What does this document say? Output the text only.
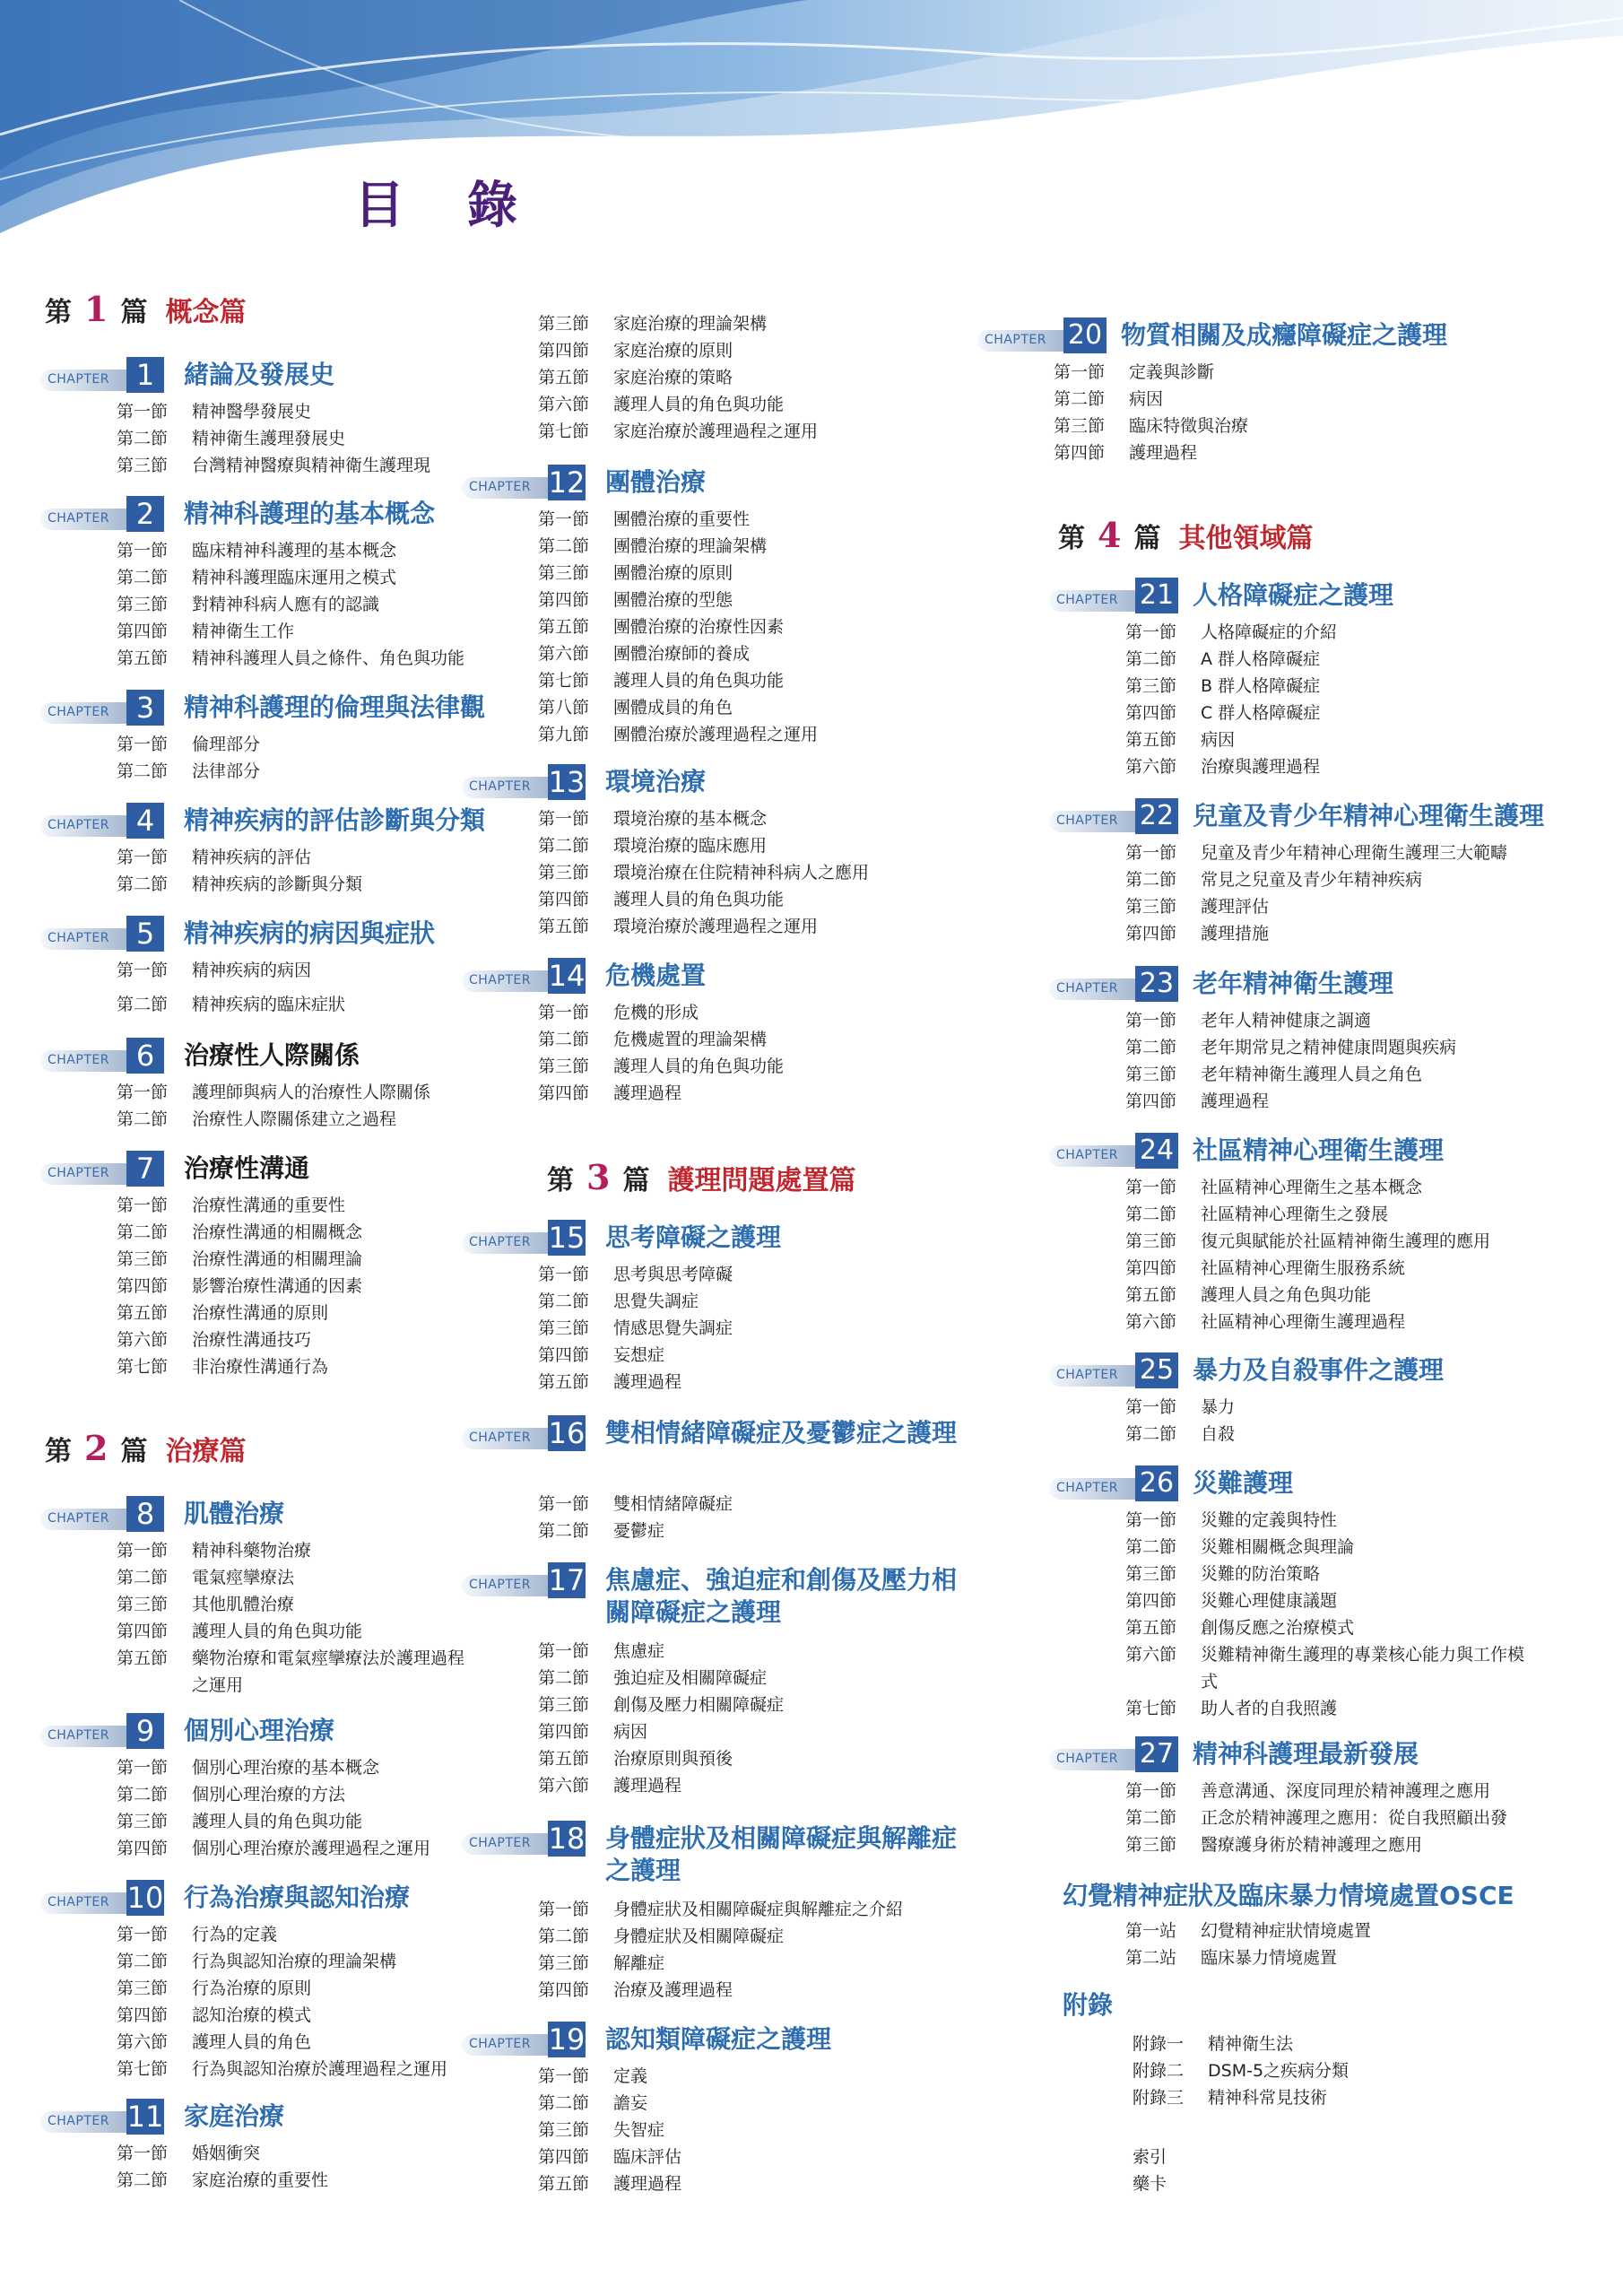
目錄
第 1 篇 概念篇
CHAPTER 1	緒論及發展史
第一節 精神醫學發展史
第二節 精神衛生護理發展史
第三節 台灣精神醫療與精神衛生護理現
CHAPTER 2	精神科護理的基本概念
第一節 臨床精神科護理的基本概念
第二節 精神科護理臨床運用之模式
第三節 對精神科病人應有的認識
第四節 精神衛生工作
第五節 精神科護理人員之條件、角色與功能
CHAPTER 3	精神科護理的倫理與法律觀
第一節 倫理部分
第二節 法律部分
CHAPTER 4	精神疾病的評估診斷與分類
第一節 精神疾病的評估
第二節 精神疾病的診斷與分類
CHAPTER 5	精神疾病的病因與症狀
第一節 精神疾病的病因
第二節 精神疾病的臨床症狀
CHAPTER 6	治療性人際關係
第一節 護理師與病人的治療性人際關係
第二節 治療性人際關係建立之過程
CHAPTER 7	治療性溝通
第一節 治療性溝通的重要性
第二節 治療性溝通的相關概念
第三節 治療性溝通的相關理論
第四節 影響治療性溝通的因素
第五節 治療性溝通的原則
第六節 治療性溝通技巧
第七節 非治療性溝通行為
第 2 篇 治療篇
CHAPTER 8	肌體治療
第一節 精神科藥物治療
第二節 電氣痙攣療法
第三節 其他肌體治療
第四節 護理人員的角色與功能
第五節 藥物治療和電氣痙攣療法於護理過程
之運用
CHAPTER 9	個別心理治療
第一節 個別心理治療的基本概念
第二節 個別心理治療的方法
第三節 護理人員的角色與功能
第四節 個別心理治療於護理過程之運用
CHAPTER 10 行為治療與認知治療
第一節 行為的定義
第二節 行為與認知治療的理論架構
第三節 行為治療的原則
第四節 認知治療的模式
第六節 護理人員的角色
第七節 行為與認知治療於護理過程之運用
CHAPTER 11 家庭治療
第一節 婚姻衝突
第二節 家庭治療的重要性
第三節 家庭治療的理論架構
第四節 家庭治療的原則
第五節 家庭治療的策略
第六節 護理人員的角色與功能
第七節 家庭治療於護理過程之運用
CHAPTER 12 團體治療
第一節 團體治療的重要性
第二節 團體治療的理論架構
第三節 團體治療的原則
第四節 團體治療的型態
第五節 團體治療的治療性因素
第六節 團體治療師的養成
第七節 護理人員的角色與功能
第八節 團體成員的角色
第九節 團體治療於護理過程之運用
CHAPTER 13 環境治療
第一節 環境治療的基本概念
第二節 環境治療的臨床應用
第三節 環境治療在住院精神科病人之應用
第四節 護理人員的角色與功能
第五節 環境治療於護理過程之運用
CHAPTER 14 危機處置
第一節 危機的形成
第二節 危機處置的理論架構
第三節 護理人員的角色與功能
第四節 護理過程
第 3 篇 護理問題處置篇
CHAPTER 15 思考障礙之護理
第一節 思考與思考障礙
第二節 思覺失調症
第三節 情感思覺失調症
第四節 妄想症
第五節 護理過程
CHAPTER 16 雙相情緒障礙症及憂鬱症之護理
第一節 雙相情緒障礙症
第二節 憂鬱症
CHAPTER 17 焦慮症、強迫症和創傷及壓力相關障礙症之護理
第一節 焦慮症
第二節 強迫症及相關障礙症
第三節 創傷及壓力相關障礙症
第四節 病因
第五節 治療原則與預後
第六節 護理過程
CHAPTER 18 身體症狀及相關障礙症與解離症之護理
第一節 身體症狀及相關障礙症與解離症之介紹
第二節 身體症狀及相關障礙症
第三節 解離症
第四節 治療及護理過程
CHAPTER 19 認知類障礙症之護理
第一節 定義
第二節 譫妄
第三節 失智症
第四節 臨床評估
第五節 護理過程
CHAPTER 20 物質相關及成癮障礙症之護理
第一節 定義與診斷
第二節 病因
第三節 臨床特徵與治療
第四節 護理過程
第 4 篇 其他領域篇
CHAPTER 21 人格障礙症之護理
第一節 人格障礙症的介紹
第二節 A 群人格障礙症
第三節 B 群人格障礙症
第四節 C 群人格障礙症
第五節 病因
第六節 治療與護理過程
CHAPTER 22 兒童及青少年精神心理衛生護理
第一節 兒童及青少年精神心理衛生護理三大範疇
第二節 常見之兒童及青少年精神疾病
第三節 護理評估
第四節 護理措施
CHAPTER 23 老年精神衛生護理
第一節 老年人精神健康之調適
第二節 老年期常見之精神健康問題與疾病
第三節 老年精神衛生護理人員之角色
第四節 護理過程
CHAPTER 24 社區精神心理衛生護理
第一節 社區精神心理衛生之基本概念
第二節 社區精神心理衛生之發展
第三節 復元與賦能於社區精神衛生護理的應用
第四節 社區精神心理衛生服務系統
第五節 護理人員之角色與功能
第六節 社區精神心理衛生護理過程
CHAPTER 25 暴力及自殺事件之護理
第一節 暴力
第二節 自殺
CHAPTER 26 災難護理
第一節 災難的定義與特性
第二節 災難相關概念與理論
第三節 災難的防治策略
第四節 災難心理健康議題
第五節 創傷反應之治療模式
第六節 災難精神衛生護理的專業核心能力與工作模
式
第七節 助人者的自我照護
CHAPTER 27 精神科護理最新發展
第一節 善意溝通、深度同理於精神護理之應用
第二節 正念於精神護理之應用：從自我照顧出發
第三節 醫療護身術於精神護理之應用
幻覺精神症狀及臨床暴力情境處置OSCE
第一站 幻覺精神症狀情境處置
第二站 臨床暴力情境處置
附錄
附錄一 精神衛生法
附錄二 DSM-5之疾病分類
附錄三 精神科常見技術
索引
藥卡
